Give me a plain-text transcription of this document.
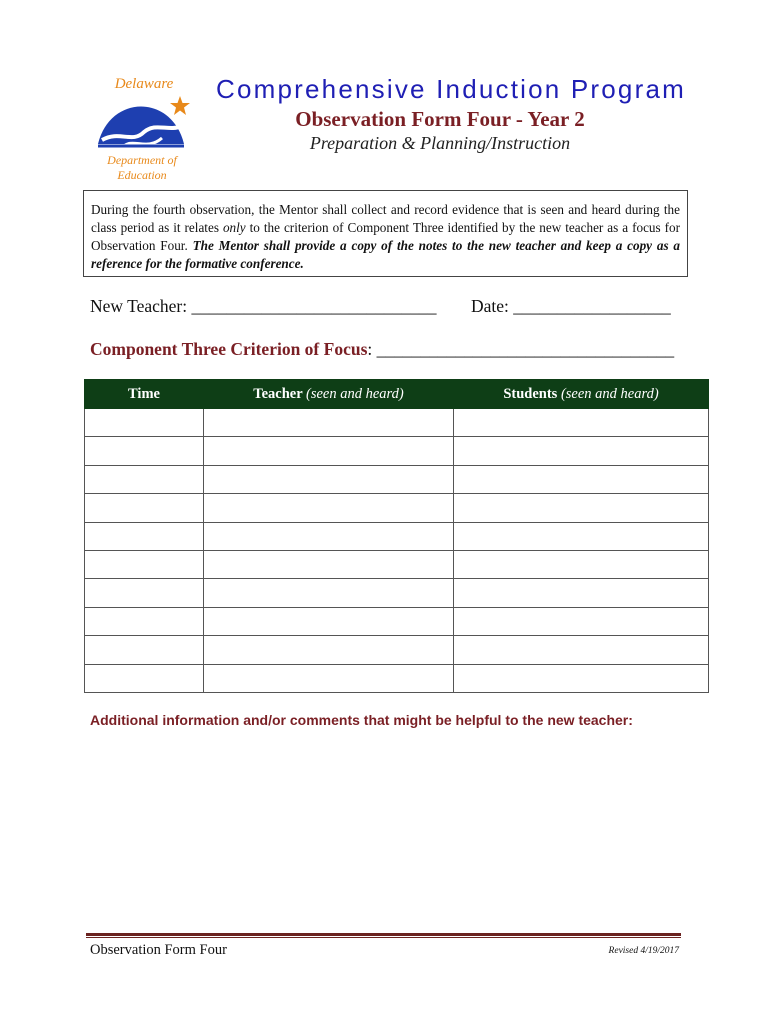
Delaware
Department of
Education
Comprehensive Induction Program
Observation Form Four - Year 2
Preparation & Planning/Instruction
During the fourth observation, the Mentor shall collect and record evidence that is seen and heard during the class period as it relates only to the criterion of Component Three identified by the new teacher as a focus for Observation Four. The Mentor shall provide a copy of the notes to the new teacher and keep a copy as a reference for the formative conference.
New Teacher: ____________________________ Date: __________________
Component Three Criterion of Focus: __________________________________
Time	Teacher (seen and heard)	Students (seen and heard)

Additional information and/or comments that might be helpful to the new teacher:
Observation Form Four	Revised 4/19/2017
